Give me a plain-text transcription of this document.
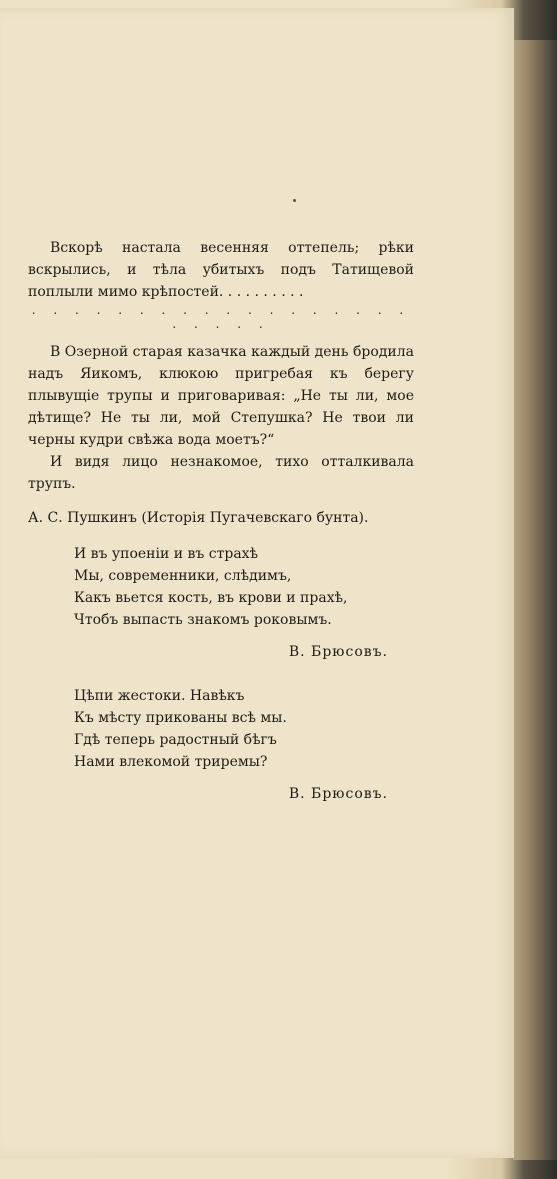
Вскорѣ настала весенняя оттепель; рѣки вскрылись, и тѣла убитыхъ подъ Татищевой поплыли мимо крѣпостей. . . . . . . . . .

. . . . . . . . . . . . . . . . . . . . . . .

В Озерной старая казачка каждый день бродила надъ Яикомъ, клюкою пригребая къ берегу плывущіе трупы и приговаривая: „Не ты ли, мое дѣтище? Не ты ли, мой Степушка? Не твои ли черны кудри свѣжа вода моетъ?“

И видя лицо незнакомое, тихо отталкивала трупъ.

А. С. Пушкинъ (Исторія Пугачевскаго бунта).

И въ упоеніи и въ страхѣ
Мы, современники, слѣдимъ,
Какъ вьется кость, въ крови и прахѣ,
Чтобъ выпасть знакомъ роковымъ.
В. Брюсовъ.
Цѣпи жестоки. Навѣкъ
Къ мѣсту прикованы всѣ мы.
Гдѣ теперь радостный бѣгъ
Нами влекомой триремы?
В. Брюсовъ.
